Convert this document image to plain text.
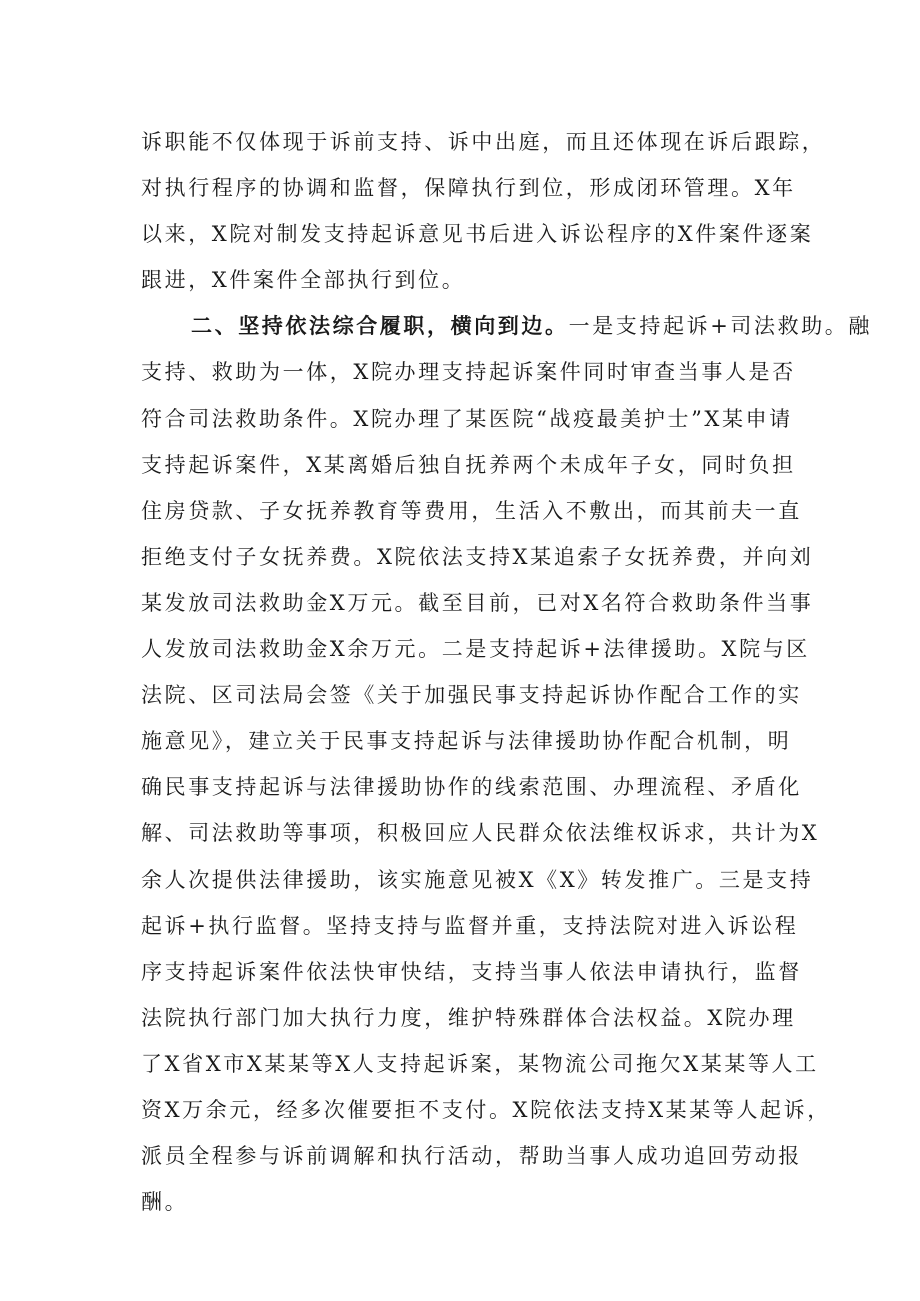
诉职能不仅体现于诉前支持、诉中出庭，而且还体现在诉后跟踪，
对执行程序的协调和监督，保障执行到位，形成闭环管理。X年
以来，X院对制发支持起诉意见书后进入诉讼程序的X件案件逐案
跟进，X件案件全部执行到位。
二、坚持依法综合履职，横向到边。一是支持起诉+司法救助。融
支持、救助为一体，X院办理支持起诉案件同时审查当事人是否
符合司法救助条件。X院办理了某医院“战疫最美护士”X某申请
支持起诉案件，X某离婚后独自抚养两个未成年子女，同时负担
住房贷款、子女抚养教育等费用，生活入不敷出，而其前夫一直
拒绝支付子女抚养费。X院依法支持X某追索子女抚养费，并向刘
某发放司法救助金X万元。截至目前，已对X名符合救助条件当事
人发放司法救助金X余万元。二是支持起诉+法律援助。X院与区
法院、区司法局会签《关于加强民事支持起诉协作配合工作的实
施意见》，建立关于民事支持起诉与法律援助协作配合机制，明
确民事支持起诉与法律援助协作的线索范围、办理流程、矛盾化
解、司法救助等事项，积极回应人民群众依法维权诉求，共计为X
余人次提供法律援助，该实施意见被X《X》转发推广。三是支持
起诉+执行监督。坚持支持与监督并重，支持法院对进入诉讼程
序支持起诉案件依法快审快结，支持当事人依法申请执行，监督
法院执行部门加大执行力度，维护特殊群体合法权益。X院办理
了X省X市X某某等X人支持起诉案，某物流公司拖欠X某某等人工
资X万余元，经多次催要拒不支付。X院依法支持X某某等人起诉，
派员全程参与诉前调解和执行活动，帮助当事人成功追回劳动报
酬。
